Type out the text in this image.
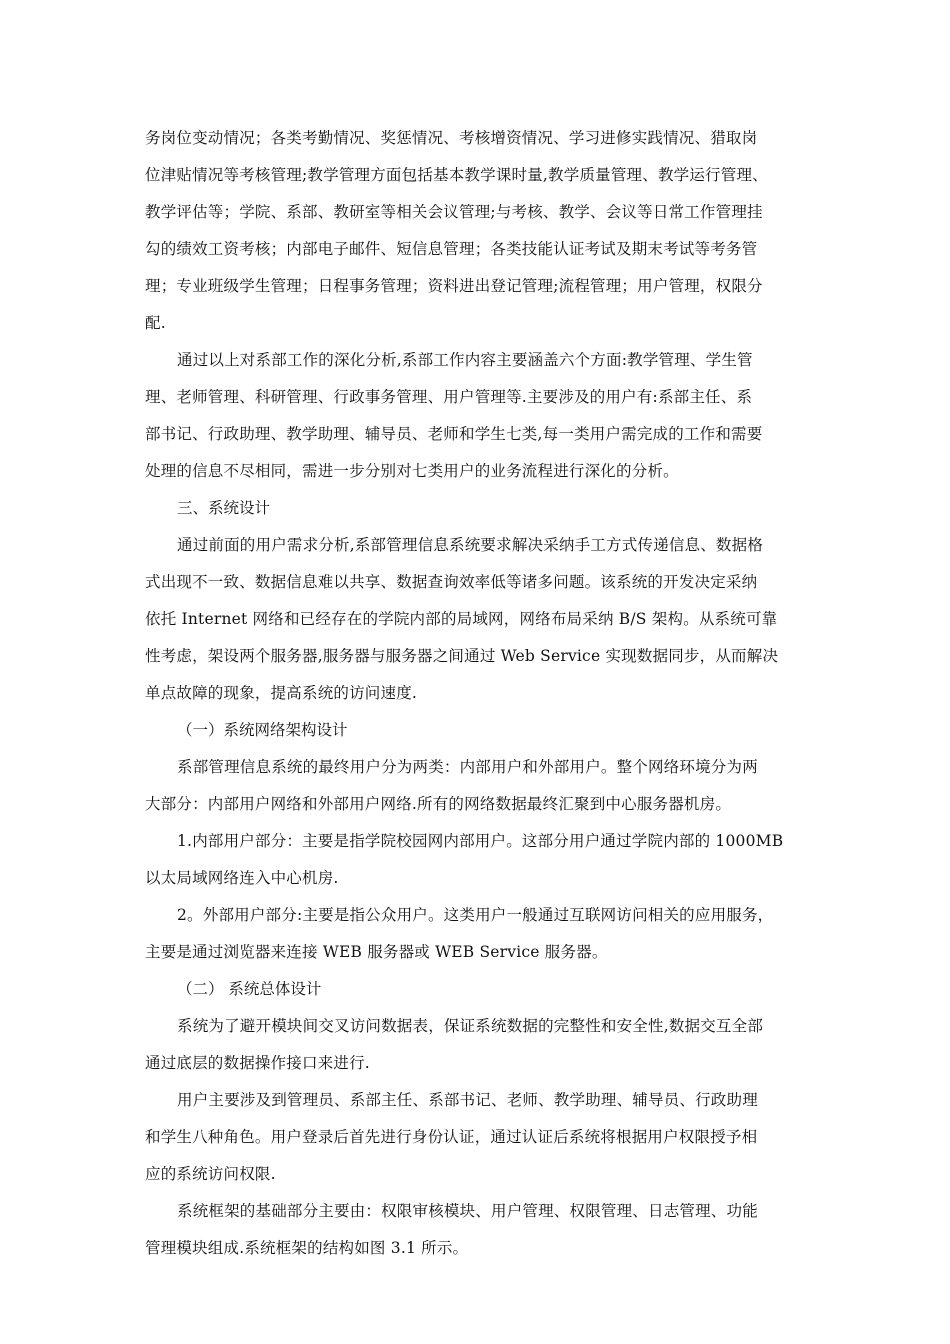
务岗位变动情况；各类考勤情况、奖惩情况、考核增资情况、学习进修实践情况、猎取岗
位津贴情况等考核管理;教学管理方面包括基本教学课时量,教学质量管理、教学运行管理、
教学评估等；学院、系部、教研室等相关会议管理;与考核、教学、会议等日常工作管理挂
勾的绩效工资考核；内部电子邮件、短信息管理；各类技能认证考试及期末考试等考务管
理；专业班级学生管理；日程事务管理；资料进出登记管理;流程管理；用户管理，权限分
配.
通过以上对系部工作的深化分析,系部工作内容主要涵盖六个方面:教学管理、学生管
理、老师管理、科研管理、行政事务管理、用户管理等.主要涉及的用户有:系部主任、系
部书记、行政助理、教学助理、辅导员、老师和学生七类,每一类用户需完成的工作和需要
处理的信息不尽相同，需进一步分别对七类用户的业务流程进行深化的分析。
三、系统设计
通过前面的用户需求分析,系部管理信息系统要求解决采纳手工方式传递信息、数据格
式出现不一致、数据信息难以共享、数据查询效率低等诸多问题。该系统的开发决定采纳
依托 Internet 网络和已经存在的学院内部的局域网，网络布局采纳 B/S 架构。从系统可靠
性考虑，架设两个服务器,服务器与服务器之间通过 Web Service 实现数据同步，从而解决
单点故障的现象，提高系统的访问速度.
（一）系统网络架构设计
系部管理信息系统的最终用户分为两类：内部用户和外部用户。整个网络环境分为两
大部分：内部用户网络和外部用户网络.所有的网络数据最终汇聚到中心服务器机房。
1.内部用户部分：主要是指学院校园网内部用户。这部分用户通过学院内部的 1000MB
以太局域网络连入中心机房.
2。外部用户部分:主要是指公众用户。这类用户一般通过互联网访问相关的应用服务，
主要是通过浏览器来连接 WEB 服务器或 WEB Service 服务器。
（二） 系统总体设计
系统为了避开模块间交叉访问数据表，保证系统数据的完整性和安全性,数据交互全部
通过底层的数据操作接口来进行.
用户主要涉及到管理员、系部主任、系部书记、老师、教学助理、辅导员、行政助理
和学生八种角色。用户登录后首先进行身份认证，通过认证后系统将根据用户权限授予相
应的系统访问权限.
系统框架的基础部分主要由：权限审核模块、用户管理、权限管理、日志管理、功能
管理模块组成.系统框架的结构如图 3.1 所示。
